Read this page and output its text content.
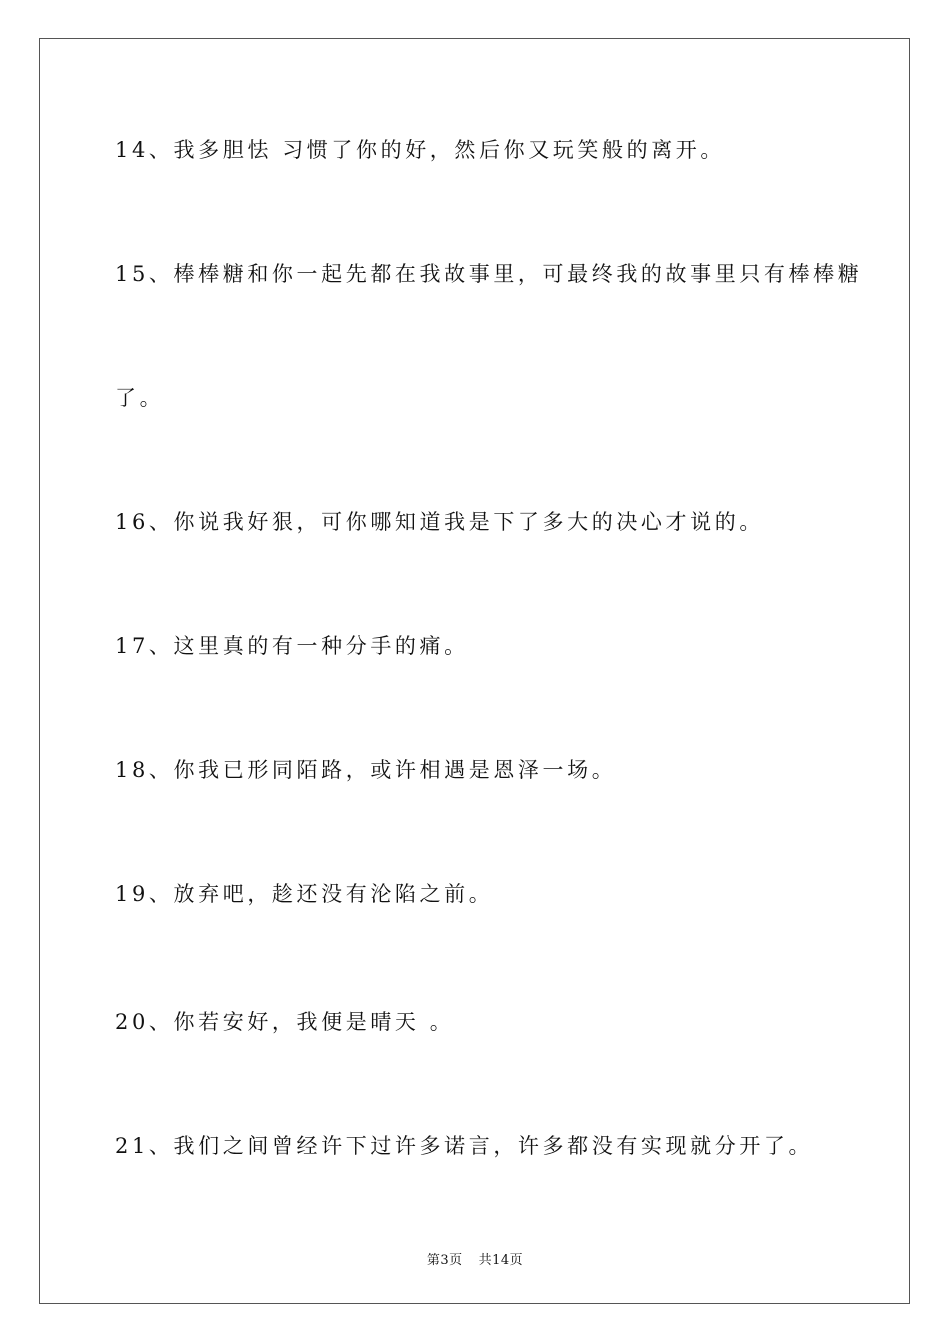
14、我多胆怯 习惯了你的好，然后你又玩笑般的离开。
15、棒棒糖和你一起先都在我故事里，可最终我的故事里只有棒棒糖
了。
16、你说我好狠，可你哪知道我是下了多大的决心才说的。
17、这里真的有一种分手的痛。
18、你我已形同陌路，或许相遇是恩泽一场。
19、放弃吧，趁还没有沦陷之前。
20、你若安好，我便是晴天 。
21、我们之间曾经许下过许多诺言，许多都没有实现就分开了。
第3页 共14页
